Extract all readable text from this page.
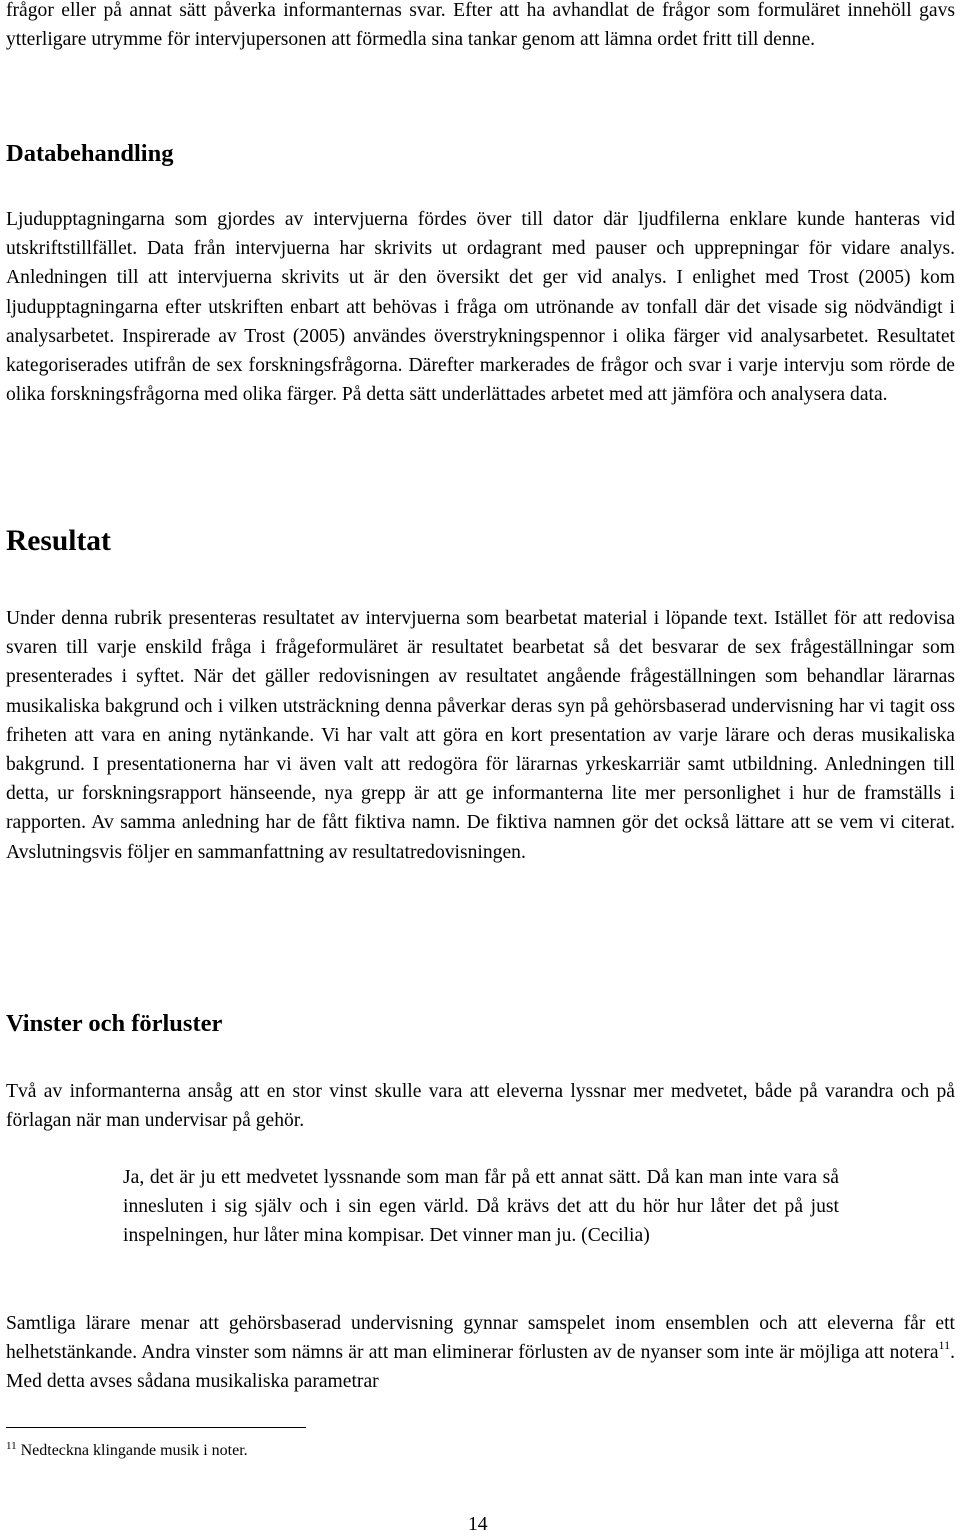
frågor eller på annat sätt påverka informanternas svar. Efter att ha avhandlat de frågor som formuläret innehöll gavs ytterligare utrymme för intervjupersonen att förmedla sina tankar genom att lämna ordet fritt till denne.

Databehandling

Ljudupptagningarna som gjordes av intervjuerna fördes över till dator där ljudfilerna enklare kunde hanteras vid utskriftstillfället. Data från intervjuerna har skrivits ut ordagrant med pauser och upprepningar för vidare analys. Anledningen till att intervjuerna skrivits ut är den översikt det ger vid analys. I enlighet med Trost (2005) kom ljudupptagningarna efter utskriften enbart att behövas i fråga om utrönande av tonfall där det visade sig nödvändigt i analysarbetet. Inspirerade av Trost (2005) användes överstrykningspennor i olika färger vid analysarbetet. Resultatet kategoriserades utifrån de sex forskningsfrågorna. Därefter markerades de frågor och svar i varje intervju som rörde de olika forskningsfrågorna med olika färger. På detta sätt underlättades arbetet med att jämföra och analysera data.

Resultat

Under denna rubrik presenteras resultatet av intervjuerna som bearbetat material i löpande text. Istället för att redovisa svaren till varje enskild fråga i frågeformuläret är resultatet bearbetat så det besvarar de sex frågeställningar som presenterades i syftet. När det gäller redovisningen av resultatet angående frågeställningen som behandlar lärarnas musikaliska bakgrund och i vilken utsträckning denna påverkar deras syn på gehörsbaserad undervisning har vi tagit oss friheten att vara en aning nytänkande. Vi har valt att göra en kort presentation av varje lärare och deras musikaliska bakgrund. I presentationerna har vi även valt att redogöra för lärarnas yrkeskarriär samt utbildning. Anledningen till detta, ur forskningsrapport hänseende, nya grepp är att ge informanterna lite mer personlighet i hur de framställs i rapporten. Av samma anledning har de fått fiktiva namn. De fiktiva namnen gör det också lättare att se vem vi citerat. Avslutningsvis följer en sammanfattning av resultatredovisningen.

Vinster och förluster

Två av informanterna ansåg att en stor vinst skulle vara att eleverna lyssnar mer medvetet, både på varandra och på förlagan när man undervisar på gehör.

Ja, det är ju ett medvetet lyssnande som man får på ett annat sätt. Då kan man inte vara så innesluten i sig själv och i sin egen värld. Då krävs det att du hör hur låter det på just inspelningen, hur låter mina kompisar. Det vinner man ju. (Cecilia)

Samtliga lärare menar att gehörsbaserad undervisning gynnar samspelet inom ensemblen och att eleverna får ett helhetstänkande. Andra vinster som nämns är att man eliminerar förlusten av de nyanser som inte är möjliga att notera$^{11}$. Med detta avses sådana musikaliska parametrar

$^{11}$ Nedteckna klingande musik i noter.

14
